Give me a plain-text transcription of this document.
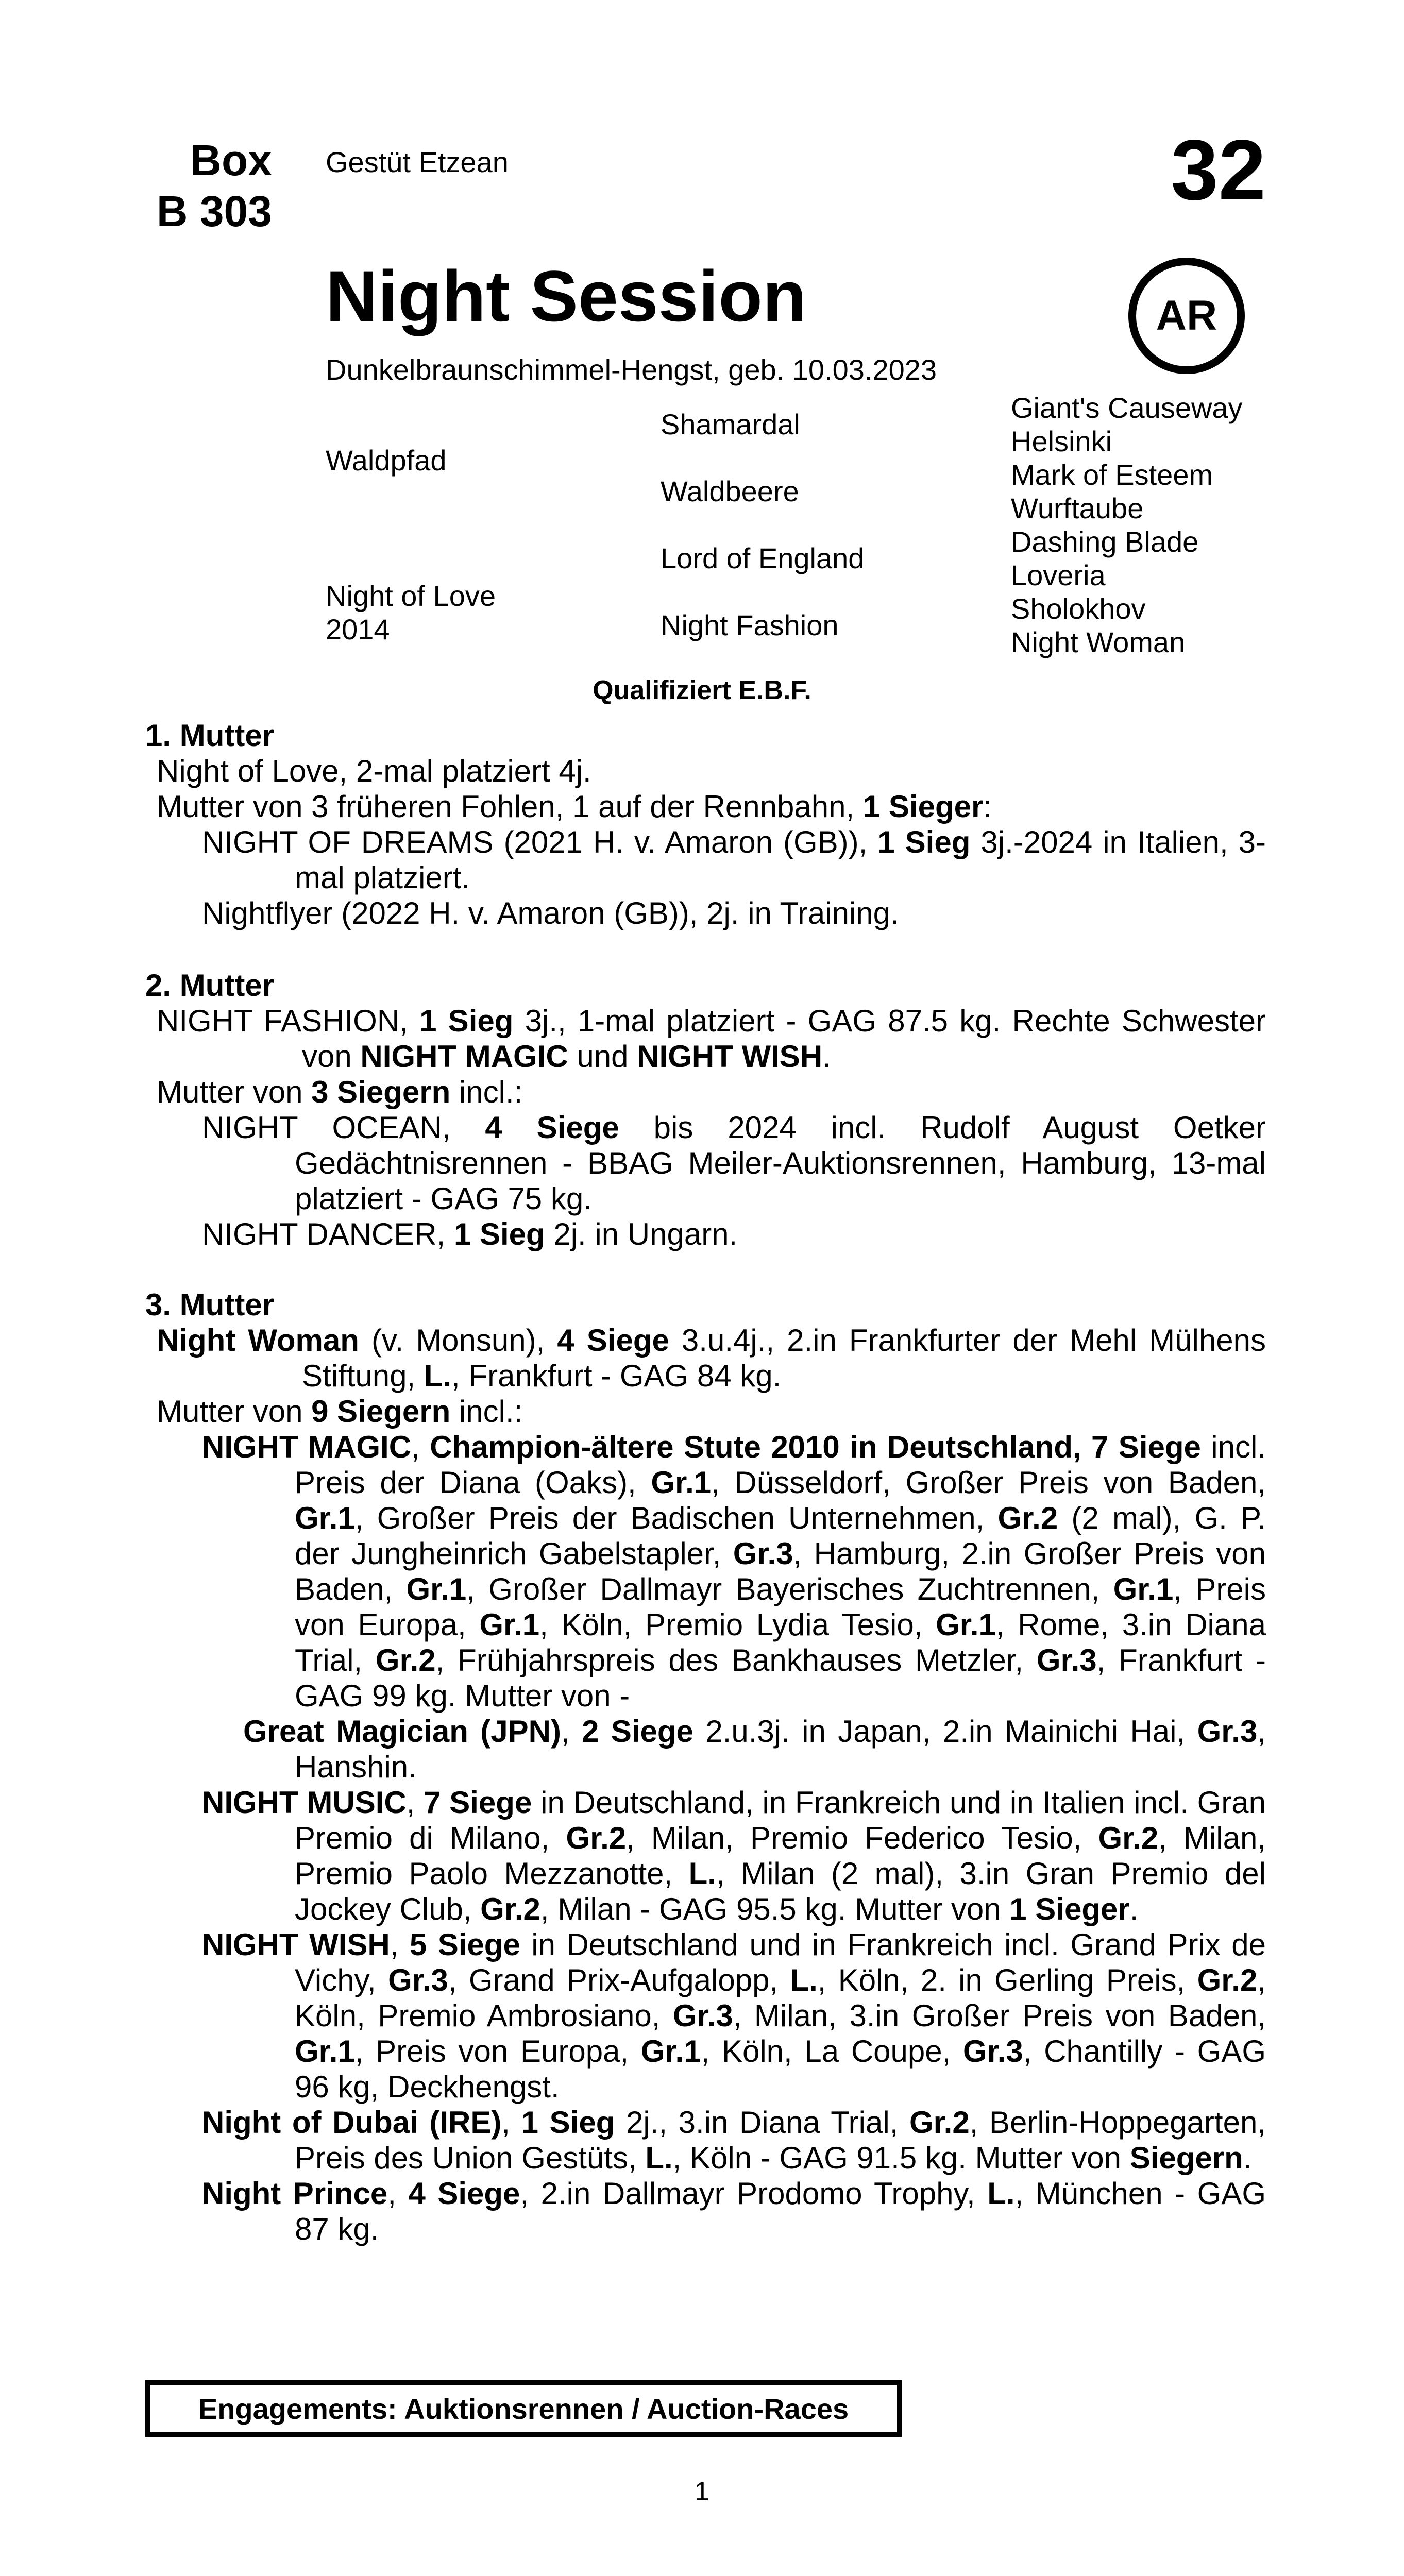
Box
B 303
Gestüt Etzean	32
AR
Night Session
Dunkelbraunschimmel-Hengst, geb. 10.03.2023
Waldpfad
Night of Love
2014
Shamardal
Waldbeere
Lord of England
Night Fashion
Giant's Causeway
Helsinki
Mark of Esteem
Wurftaube
Dashing Blade
Loveria
Sholokhov
Night Woman
Qualifiziert E.B.F.
1. Mutter
Night of Love, 2-mal platziert 4j.
Mutter von 3 früheren Fohlen, 1 auf der Rennbahn, 1 Sieger:
NIGHT OF DREAMS (2021 H. v. Amaron (GB)), 1 Sieg 3j.-2024 in Italien, 3-mal platziert.
Nightflyer (2022 H. v. Amaron (GB)), 2j. in Training.
2. Mutter
NIGHT FASHION, 1 Sieg 3j., 1-mal platziert - GAG 87.5 kg. Rechte Schwester von NIGHT MAGIC und NIGHT WISH.
Mutter von 3 Siegern incl.:
NIGHT OCEAN, 4 Siege bis 2024 incl. Rudolf August Oetker Gedächtnisrennen - BBAG Meiler-Auktionsrennen, Hamburg, 13-mal platziert - GAG 75 kg.
NIGHT DANCER, 1 Sieg 2j. in Ungarn.
3. Mutter
Night Woman (v. Monsun), 4 Siege 3.u.4j., 2.in Frankfurter der Mehl Mülhens Stiftung, L., Frankfurt - GAG 84 kg.
Mutter von 9 Siegern incl.:
NIGHT MAGIC, Champion-ältere Stute 2010 in Deutschland, 7 Siege incl. Preis der Diana (Oaks), Gr.1, Düsseldorf, Großer Preis von Baden, Gr.1, Großer Preis der Badischen Unternehmen, Gr.2 (2 mal), G. P. der Jungheinrich Gabelstapler, Gr.3, Hamburg, 2.in Großer Preis von Baden, Gr.1, Großer Dallmayr Bayerisches Zuchtrennen, Gr.1, Preis von Europa, Gr.1, Köln, Premio Lydia Tesio, Gr.1, Rome, 3.in Diana Trial, Gr.2, Frühjahrspreis des Bankhauses Metzler, Gr.3, Frankfurt - GAG 99 kg. Mutter von -
Great Magician (JPN), 2 Siege 2.u.3j. in Japan, 2.in Mainichi Hai, Gr.3, Hanshin.
NIGHT MUSIC, 7 Siege in Deutschland, in Frankreich und in Italien incl. Gran Premio di Milano, Gr.2, Milan, Premio Federico Tesio, Gr.2, Milan, Premio Paolo Mezzanotte, L., Milan (2 mal), 3.in Gran Premio del Jockey Club, Gr.2, Milan - GAG 95.5 kg. Mutter von 1 Sieger.
NIGHT WISH, 5 Siege in Deutschland und in Frankreich incl. Grand Prix de Vichy, Gr.3, Grand Prix-Aufgalopp, L., Köln, 2. in Gerling Preis, Gr.2, Köln, Premio Ambrosiano, Gr.3, Milan, 3.in Großer Preis von Baden, Gr.1, Preis von Europa, Gr.1, Köln, La Coupe, Gr.3, Chantilly - GAG 96 kg, Deckhengst.
Night of Dubai (IRE), 1 Sieg 2j., 3.in Diana Trial, Gr.2, Berlin-Hoppegarten, Preis des Union Gestüts, L., Köln - GAG 91.5 kg. Mutter von Siegern.
Night Prince, 4 Siege, 2.in Dallmayr Prodomo Trophy, L., München - GAG 87 kg.
Engagements: Auktionsrennen / Auction-Races
1
